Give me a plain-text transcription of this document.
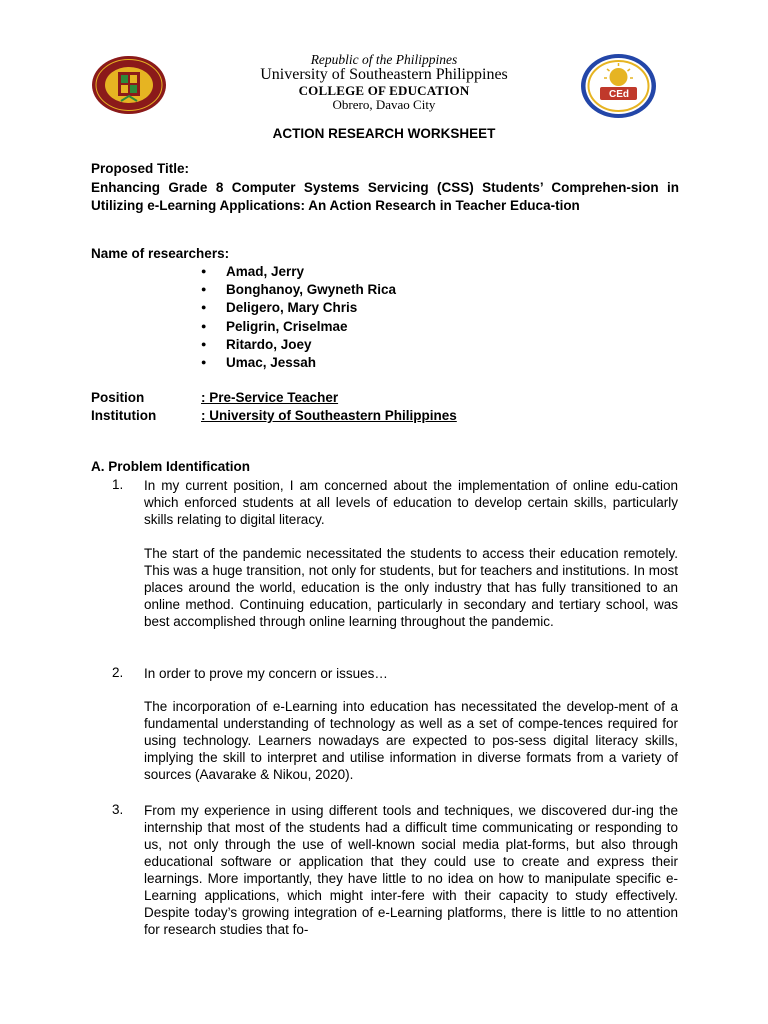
CEd
Republic of the Philippines
University of Southeastern Philippines
COLLEGE OF EDUCATION
Obrero, Davao City
ACTION RESEARCH WORKSHEET
Proposed Title:
Enhancing Grade 8 Computer Systems Servicing (CSS) Students’ Comprehen-sion in Utilizing e-Learning Applications: An Action Research in Teacher Educa-tion
Name of researchers:
● Amad, Jerry
● Bonghanoy, Gwyneth Rica
● Deligero, Mary Chris
● Peligrin, Criselmae
● Ritardo, Joey
● Umac, Jessah
Position	: Pre-Service Teacher
Institution	: University of Southeastern Philippines
A. Problem Identification
1. In my current position, I am concerned about the implementation of online edu-cation which enforced students at all levels of education to develop certain skills, particularly skills relating to digital literacy.
The start of the pandemic necessitated the students to access their education remotely. This was a huge transition, not only for students, but for teachers and institutions. In most places around the world, education is the only industry that has fully transitioned to an online method. Continuing education, particularly in secondary and tertiary school, was best accomplished through online learning throughout the pandemic.
2. In order to prove my concern or issues…
The incorporation of e-Learning into education has necessitated the develop-ment of a fundamental understanding of technology as well as a set of compe-tences required for using technology. Learners nowadays are expected to pos-sess digital literacy skills, implying the skill to interpret and utilise information in diverse formats from a variety of sources (Aavarake & Nikou, 2020).
3. From my experience in using different tools and techniques, we discovered dur-ing the internship that most of the students had a difficult time communicating or responding to us, not only through the use of well-known social media plat-forms, but also through educational software or application that they could use to create and express their learnings. More importantly, they have little to no idea on how to manipulate specific e-Learning applications, which might inter-fere with their capacity to study effectively. Despite today’s growing integration of e-Learning platforms, there is little to no attention for research studies that fo-
